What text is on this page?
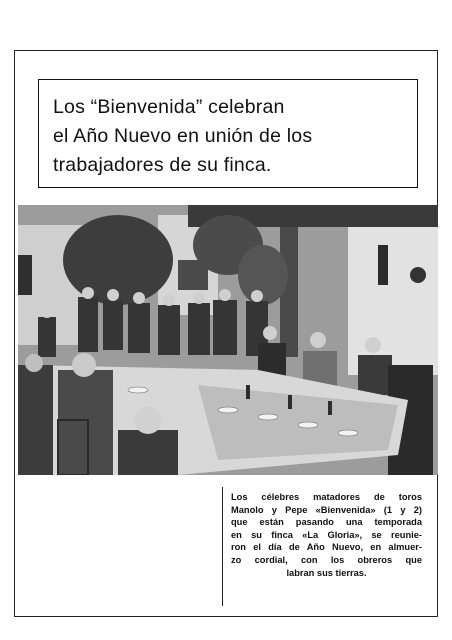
Los “Bienvenida” celebran
el Año Nuevo en unión de los
trabajadores de su finca.
Los célebres matadores de toros
Manolo y Pepe «Bienvenida» (1 y 2)
que están pasando una temporada
en su finca «La Gloria», se reunie-
ron el día de Año Nuevo, en almuer-
zo cordial, con los obreros que
labran sus tierras.
